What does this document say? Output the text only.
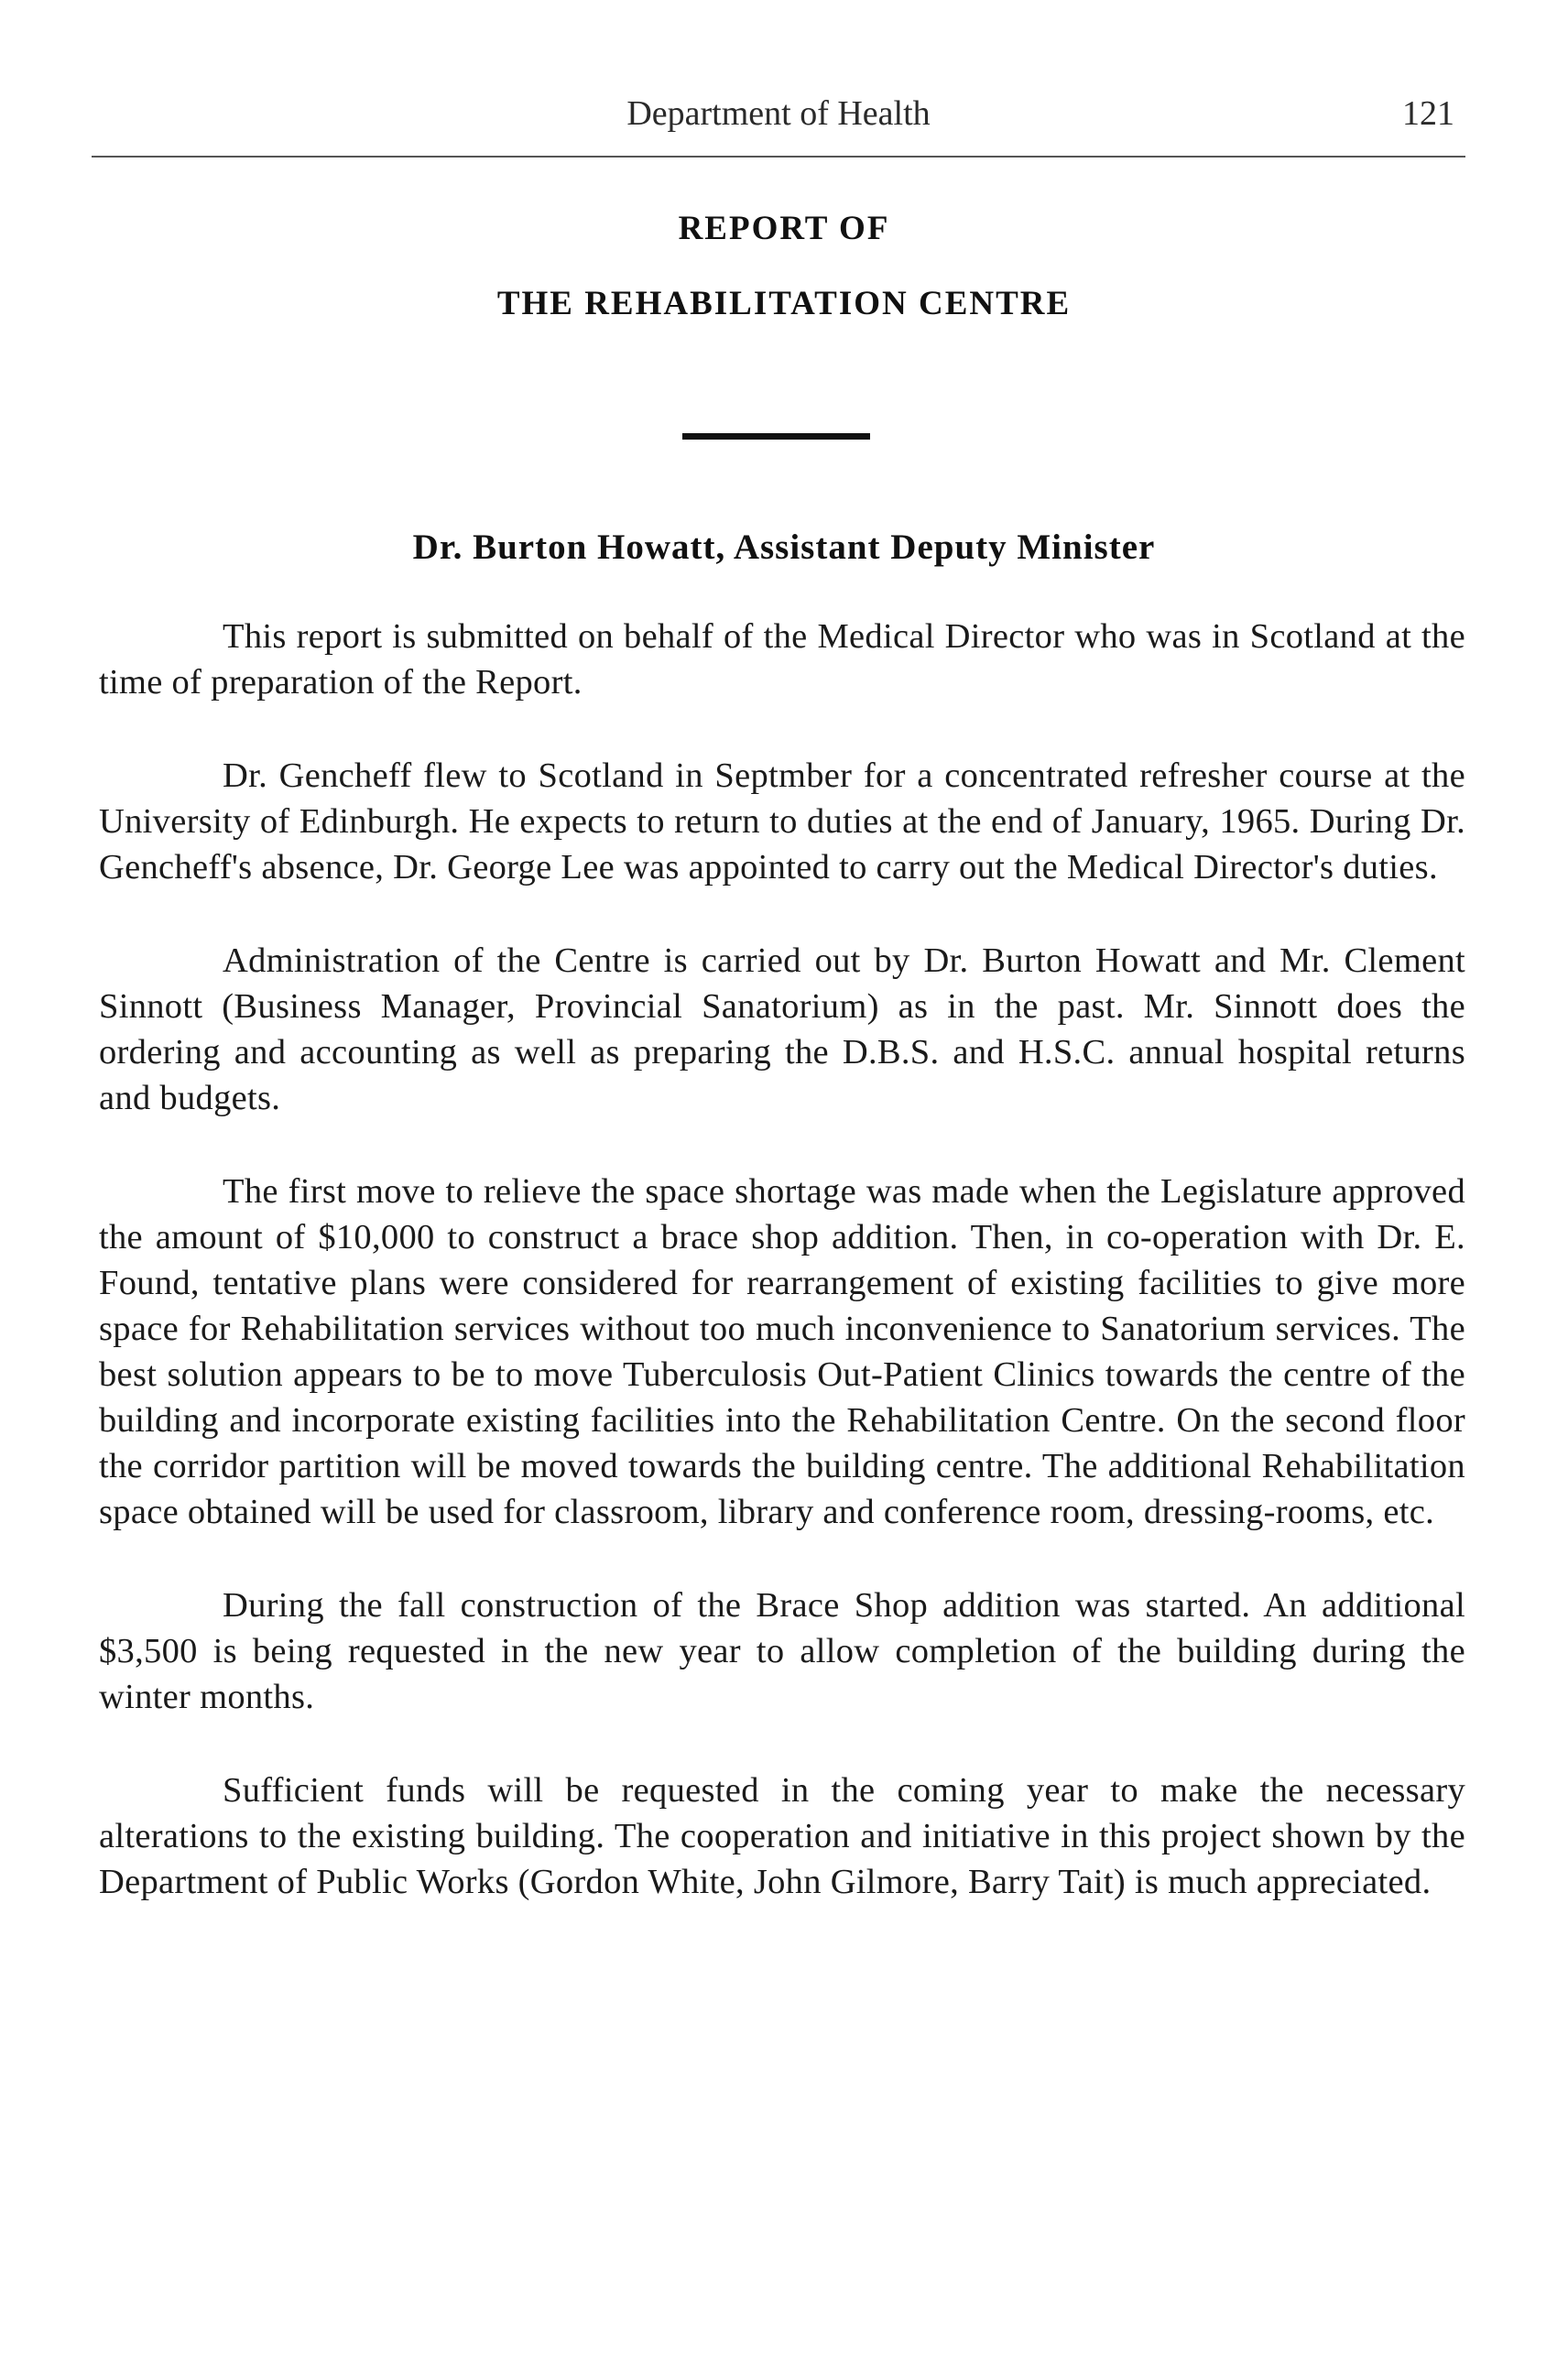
Department of Health	121
REPORT OF
THE REHABILITATION CENTRE
Dr. Burton Howatt, Assistant Deputy Minister

This report is submitted on behalf of the Medical Director who was in Scotland at the time of preparation of the Report.

Dr. Gencheff flew to Scotland in Septmber for a concentrated refresher course at the University of Edinburgh. He expects to return to duties at the end of January, 1965. During Dr. Gencheff's absence, Dr. George Lee was appointed to carry out the Medical Director's duties.

Administration of the Centre is carried out by Dr. Burton Howatt and Mr. Clement Sinnott (Business Manager, Provincial Sanatorium) as in the past. Mr. Sinnott does the ordering and accounting as well as preparing the D.B.S. and H.S.C. annual hospital returns and budgets.

The first move to relieve the space shortage was made when the Legislature approved the amount of $10,000 to construct a brace shop addition. Then, in co-operation with Dr. E. Found, tentative plans were considered for rearrangement of existing facilities to give more space for Rehabilitation services without too much inconvenience to Sanatorium services. The best solution appears to be to move Tuberculosis Out-Patient Clinics towards the centre of the building and incorporate existing facilities into the Rehabilitation Centre. On the second floor the corridor partition will be moved towards the building centre. The additional Rehabilitation space obtained will be used for classroom, library and conference room, dressing-rooms, etc.

During the fall construction of the Brace Shop addition was started. An additional $3,500 is being requested in the new year to allow completion of the building during the winter months.

Sufficient funds will be requested in the coming year to make the necessary alterations to the existing building. The cooperation and initiative in this project shown by the Department of Public Works (Gordon White, John Gilmore, Barry Tait) is much appreciated.
